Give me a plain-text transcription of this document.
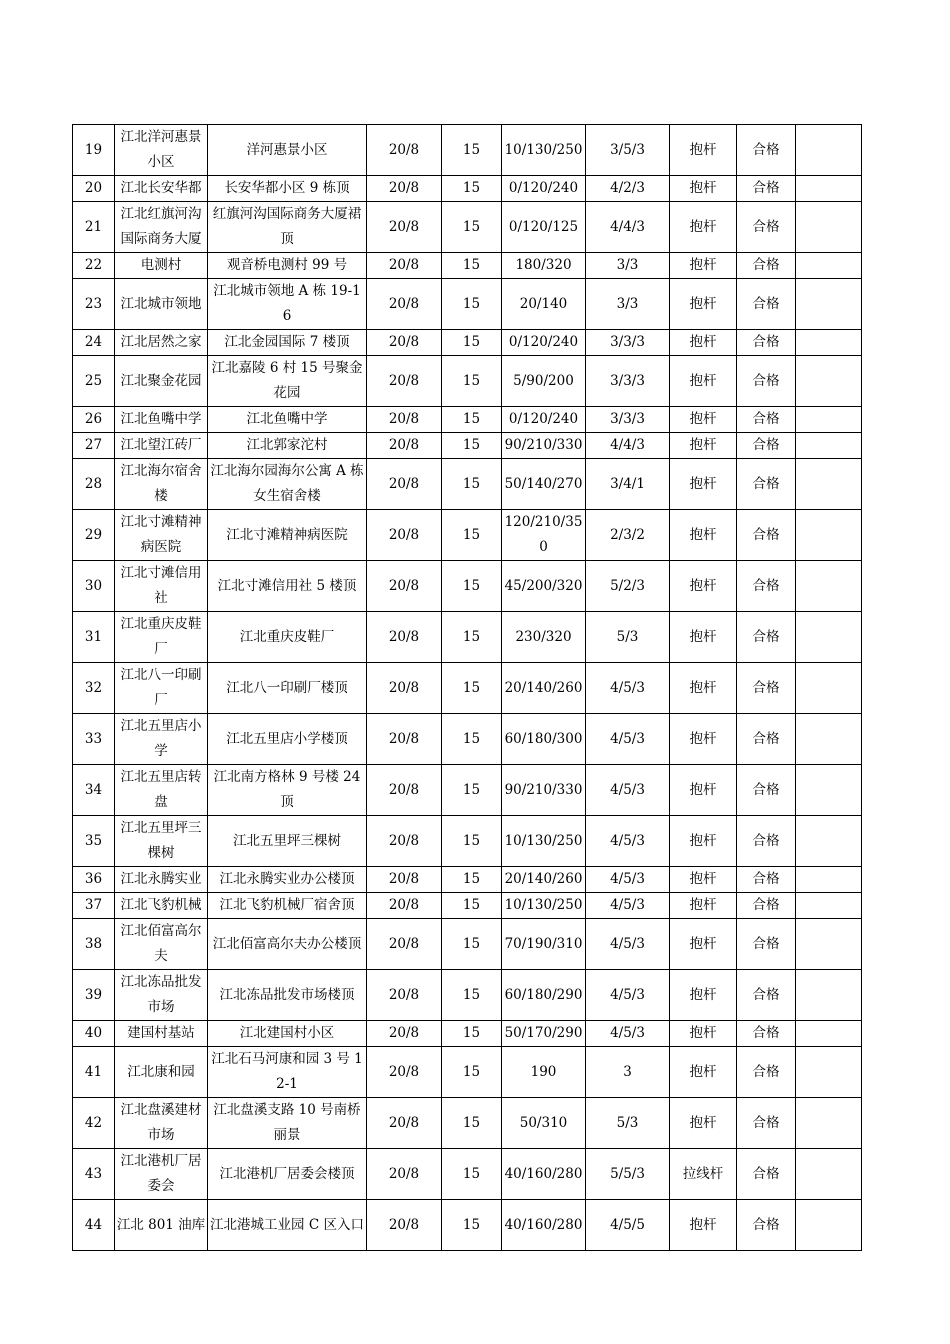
19	江北洋河惠景小区	洋河惠景小区	20/8	15	10/130/250	3/5/3	抱杆	合格	
20	江北长安华都	长安华都小区 9 栋顶	20/8	15	0/120/240	4/2/3	抱杆	合格	
21	江北红旗河沟国际商务大厦	红旗河沟国际商务大厦裙顶	20/8	15	0/120/125	4/4/3	抱杆	合格	
22	电测村	观音桥电测村 99 号	20/8	15	180/320	3/3	抱杆	合格	
23	江北城市领地	江北城市领地 A 栋 19-16	20/8	15	20/140	3/3	抱杆	合格	
24	江北居然之家	江北金园国际 7 楼顶	20/8	15	0/120/240	3/3/3	抱杆	合格	
25	江北聚金花园	江北嘉陵 6 村 15 号聚金花园	20/8	15	5/90/200	3/3/3	抱杆	合格	
26	江北鱼嘴中学	江北鱼嘴中学	20/8	15	0/120/240	3/3/3	抱杆	合格	
27	江北望江砖厂	江北郭家沱村	20/8	15	90/210/330	4/4/3	抱杆	合格	
28	江北海尔宿舍楼	江北海尔园海尔公寓 A 栋女生宿舍楼	20/8	15	50/140/270	3/4/1	抱杆	合格	
29	江北寸滩精神病医院	江北寸滩精神病医院	20/8	15	120/210/350	2/3/2	抱杆	合格	
30	江北寸滩信用社	江北寸滩信用社 5 楼顶	20/8	15	45/200/320	5/2/3	抱杆	合格	
31	江北重庆皮鞋厂	江北重庆皮鞋厂	20/8	15	230/320	5/3	抱杆	合格	
32	江北八一印刷厂	江北八一印刷厂楼顶	20/8	15	20/140/260	4/5/3	抱杆	合格	
33	江北五里店小学	江北五里店小学楼顶	20/8	15	60/180/300	4/5/3	抱杆	合格	
34	江北五里店转盘	江北南方格林 9 号楼 24 顶	20/8	15	90/210/330	4/5/3	抱杆	合格	
35	江北五里坪三棵树	江北五里坪三棵树	20/8	15	10/130/250	4/5/3	抱杆	合格	
36	江北永腾实业	江北永腾实业办公楼顶	20/8	15	20/140/260	4/5/3	抱杆	合格	
37	江北飞豹机械	江北飞豹机械厂宿舍顶	20/8	15	10/130/250	4/5/3	抱杆	合格	
38	江北佰富高尔夫	江北佰富高尔夫办公楼顶	20/8	15	70/190/310	4/5/3	抱杆	合格	
39	江北冻品批发市场	江北冻品批发市场楼顶	20/8	15	60/180/290	4/5/3	抱杆	合格	
40	建国村基站	江北建国村小区	20/8	15	50/170/290	4/5/3	抱杆	合格	
41	江北康和园	江北石马河康和园 3 号 12-1	20/8	15	190	3	抱杆	合格	
42	江北盘溪建材市场	江北盘溪支路 10 号南桥丽景	20/8	15	50/310	5/3	抱杆	合格	
43	江北港机厂居委会	江北港机厂居委会楼顶	20/8	15	40/160/280	5/5/3	拉线杆	合格	
44	江北 801 油库	江北港城工业园 C 区入口	20/8	15	40/160/280	4/5/5	抱杆	合格	
